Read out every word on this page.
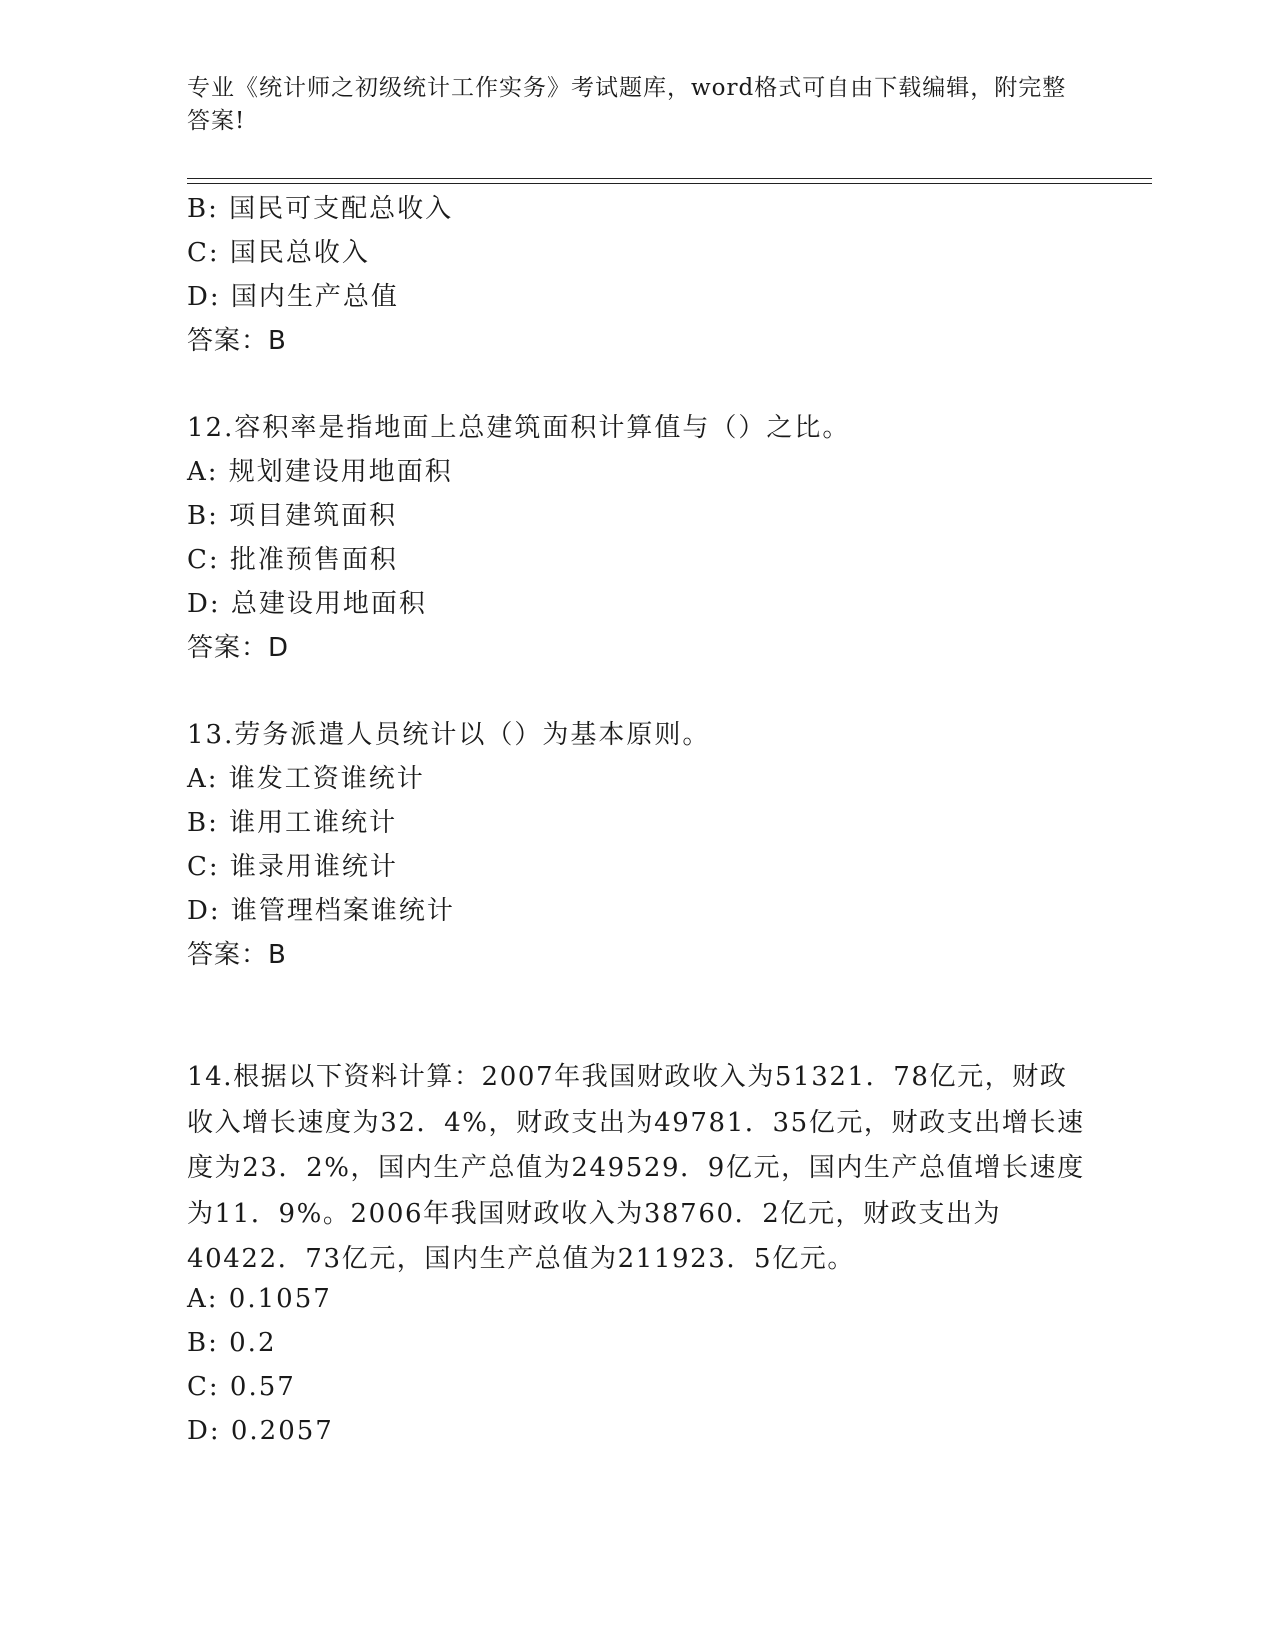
专业《统计师之初级统计工作实务》考试题库，word格式可自由下载编辑，附完整答案!
B: 国民可支配总收入
C: 国民总收入
D: 国内生产总值
答案：B
12.容积率是指地面上总建筑面积计算值与（）之比。
A: 规划建设用地面积
B: 项目建筑面积
C: 批准预售面积
D: 总建设用地面积
答案：D
13.劳务派遣人员统计以（）为基本原则。
A: 谁发工资谁统计
B: 谁用工谁统计
C: 谁录用谁统计
D: 谁管理档案谁统计
答案：B
14.根据以下资料计算：2007年我国财政收入为51321．78亿元，财政收入增长速度为32．4%，财政支出为49781．35亿元，财政支出增长速度为23．2%，国内生产总值为249529．9亿元，国内生产总值增长速度为11．9%。2006年我国财政收入为38760．2亿元，财政支出为40422．73亿元，国内生产总值为211923．5亿元。
A: 0.1057
B: 0.2
C: 0.57
D: 0.2057
